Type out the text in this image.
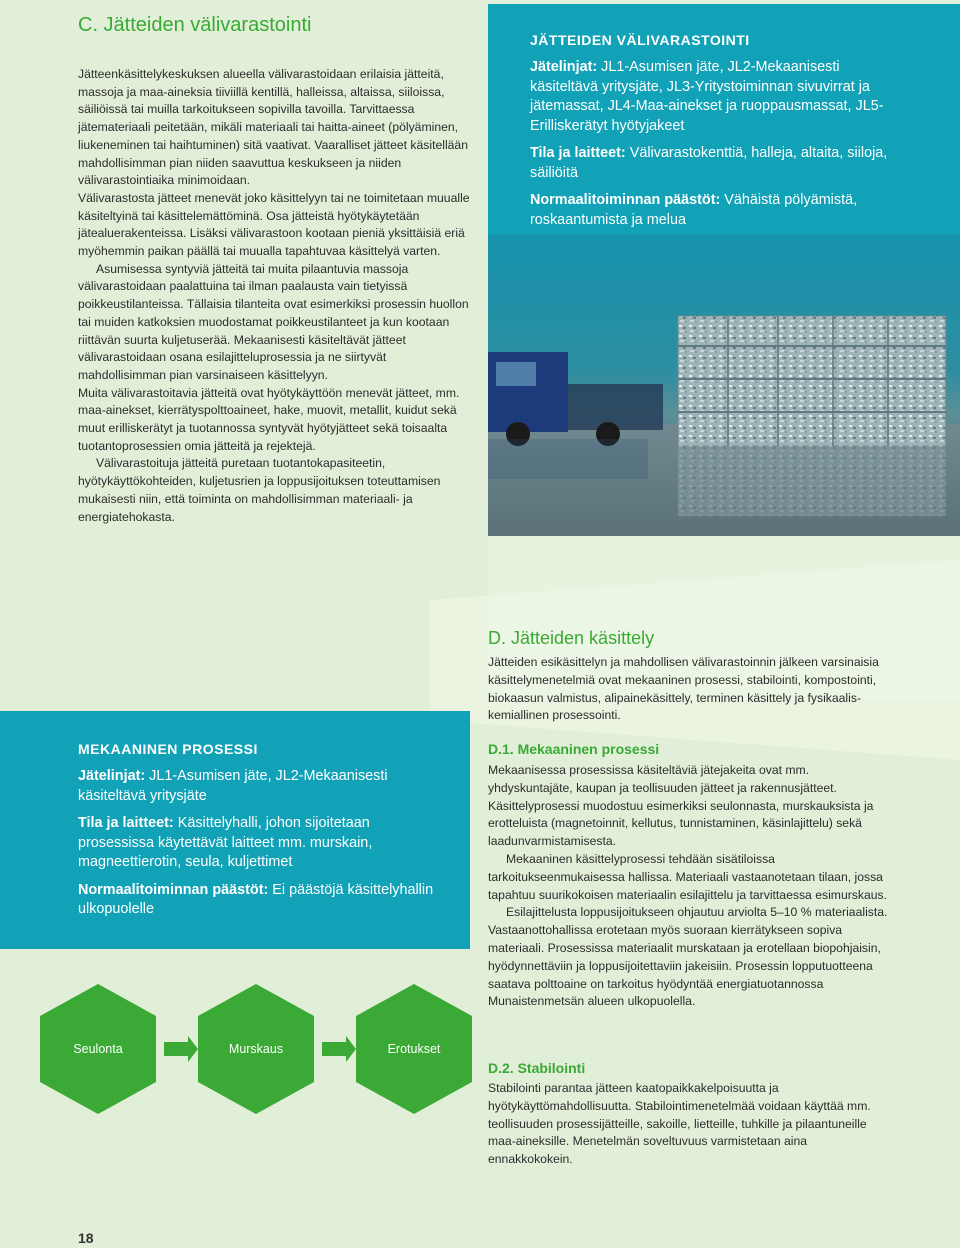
C. Jätteiden välivarastointi

Jätteenkäsittelykeskuksen alueella välivarastoidaan erilaisia jätteitä, massoja ja maa-aineksia tiiviillä kentillä, halleissa, altaissa, siiloissa, säiliöissä tai muilla tarkoitukseen sopivilla tavoilla. Tarvittaessa jätemateriaali peitetään, mikäli materiaali tai haitta-aineet (pölyäminen, liukeneminen tai haihtuminen) sitä vaativat. Vaaralliset jätteet käsitellään mahdollisimman pian niiden saavuttua keskukseen ja niiden välivarastointiaika minimoidaan.

Välivarastosta jätteet menevät joko käsittelyyn tai ne toimitetaan muualle käsiteltyinä tai käsittelemättöminä. Osa jätteistä hyötykäytetään jätealuerakenteissa. Lisäksi välivarastoon kootaan pieniä yksittäisiä eriä myöhemmin paikan päällä tai muualla tapahtuvaa käsittelyä varten.

Asumisessa syntyviä jätteitä tai muita pilaantuvia massoja välivarastoidaan paalattuina tai ilman paalausta vain tietyissä poikkeustilanteissa. Tällaisia tilanteita ovat esimerkiksi prosessin huollon tai muiden katkoksien muodostamat poikkeustilanteet ja kun kootaan riittävän suurta kuljetuserää. Mekaanisesti käsiteltävät jätteet välivarastoidaan osana esilajitteluprosessia ja ne siirtyvät mahdollisimman pian varsinaiseen käsittelyyn.

Muita välivarastoitavia jätteitä ovat hyötykäyttöön menevät jätteet, mm. maa-ainekset, kierrätyspolttoaineet, hake, muovit, metallit, kuidut sekä muut erilliskerätyt ja tuotannossa syntyvät hyötyjätteet sekä toisaalta tuotantoprosessien omia jätteitä ja rejektejä.

Välivarastoituja jätteitä puretaan tuotantokapasiteetin, hyötykäyttökohteiden, kuljetusrien ja loppusijoituksen toteuttamisen mukaisesti niin, että toiminta on mahdollisimman materiaali- ja energiatehokasta.

JÄTTEIDEN VÄLIVARASTOINTI

Jätelinjat: JL1-Asumisen jäte, JL2-Mekaanisesti käsiteltävä yritysjäte, JL3-Yritystoiminnan sivuvirrat ja jätemassat, JL4-Maa-ainekset ja ruoppausmassat, JL5-Erilliskerätyt hyötyjakeet

Tila ja laitteet: Välivarastokenttiä, halleja, altaita, siiloja, säiliöitä

Normaalitoiminnan päästöt: Vähäistä pölyämistä, roskaantumista ja melua

D. Jätteiden käsittely

Jätteiden esikäsittelyn ja mahdollisen välivarastoinnin jälkeen varsinaisia käsittelymenetelmiä ovat mekaaninen prosessi, stabilointi, kompostointi, biokaasun valmistus, alipainekäsittely, terminen käsittely ja fysikaalis-kemiallinen prosessointi.

D.1. Mekaaninen prosessi

Mekaanisessa prosessissa käsiteltäviä jätejakeita ovat mm. yhdyskuntajäte, kaupan ja teollisuuden jätteet ja rakennusjätteet. Käsittelyprosessi muodostuu esimerkiksi seulonnasta, murskauksista ja erotteluista (magnetoinnit, kellutus, tunnistaminen, käsinlajittelu) sekä laadunvarmistamisesta.

Mekaaninen käsittelyprosessi tehdään sisätiloissa tarkoitukseenmukaisessa hallissa. Materiaali vastaanotetaan tilaan, jossa tapahtuu suurikokoisen materiaalin esilajittelu ja tarvittaessa esimurskaus.

Esilajittelusta loppusijoitukseen ohjautuu arviolta 5–10 % materiaalista. Vastaanottohallissa erotetaan myös suoraan kierrätykseen sopiva materiaali. Prosessissa materiaalit murskataan ja erotellaan biopohjaisin, hyödynnettäviin ja loppusijoitettaviin jakeisiin. Prosessin lopputuotteena saatava polttoaine on tarkoitus hyödyntää energiatuotannossa Munaistenmetsän alueen ulkopuolella.

D.2. Stabilointi

Stabilointi parantaa jätteen kaatopaikkakelpoisuutta ja hyötykäyttömahdollisuutta. Stabilointimenetelmää voidaan käyttää mm. teollisuuden prosessijätteille, sakoille, lietteille, tuhkille ja pilaantuneille maa-aineksille. Menetelmän soveltuvuus varmistetaan aina ennakkokokein.

MEKAANINEN PROSESSI

Jätelinjat: JL1-Asumisen jäte, JL2-Mekaanisesti käsiteltävä yritysjäte

Tila ja laitteet: Käsittelyhalli, johon sijoitetaan prosessissa käytettävät laitteet mm. murskain, magneettierotin, seula, kuljettimet

Normaalitoiminnan päästöt: Ei päästöjä käsittelyhallin ulkopuolelle

Seulonta	Murskaus	Erotukset
18
